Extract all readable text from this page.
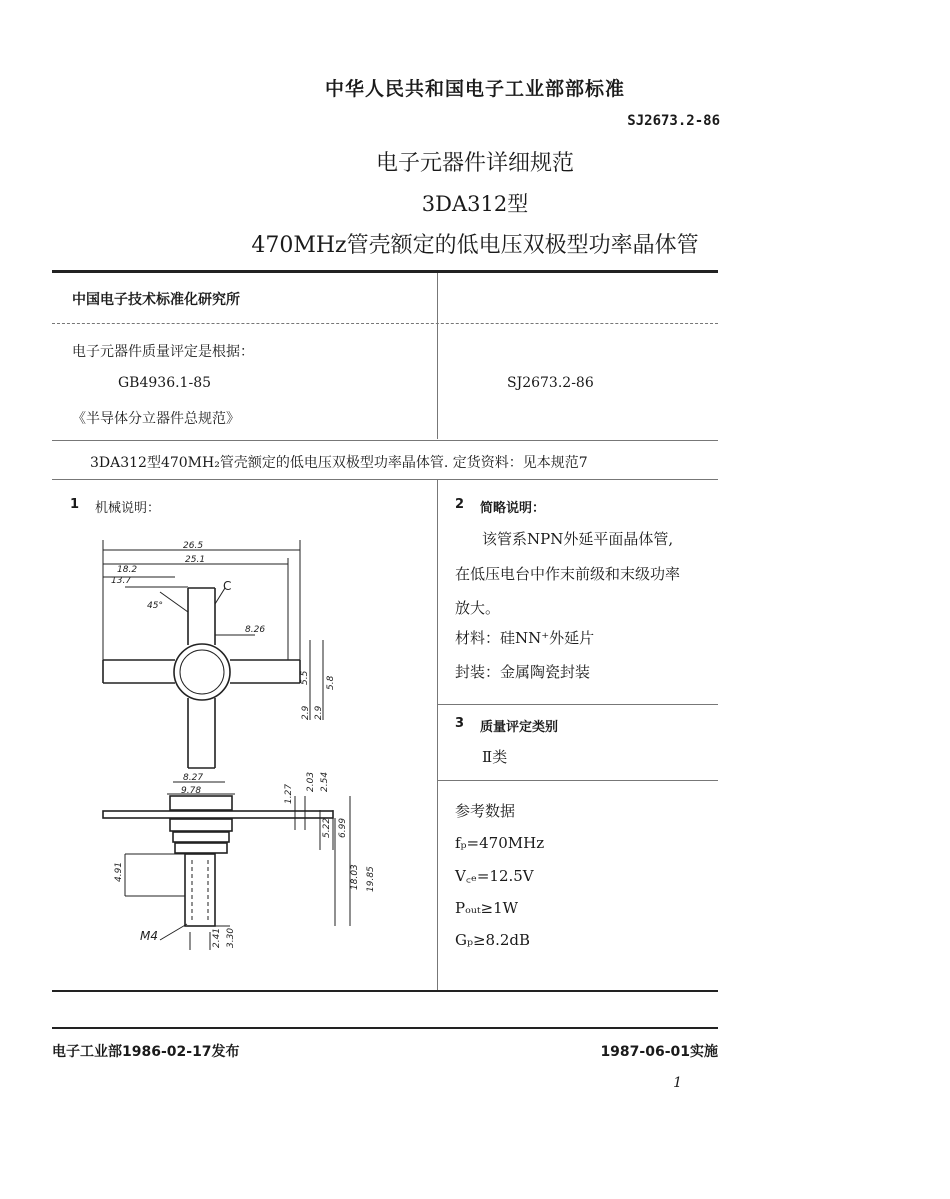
中华人民共和国电子工业部部标准
SJ2673.2-86
电子元器件详细规范
3DA312型
470MHz管壳额定的低电压双极型功率晶体管
中国电子技术标准化研究所
电子元器件质量评定是根据：
GB4936.1-85
《半导体分立器件总规范》
SJ2673.2-86
3DA312型470MH₂管壳额定的低电压双极型功率晶体管. 定货资料：见本规范7
1 机械说明：
26.5
25.1
18.2
13.7
45°
C
8.26
5.5 5.8
2.9 2.9
8.27
9.78	1.27
2.03 2.54
5.22 6.99
4.91	18.03 19.85
M4	2.41 3.30
2 简略说明：
该管系NPN外延平面晶体管,
在低压电台中作末前级和末级功率
放大。
材料：硅NN⁺外延片
封装：金属陶瓷封装
3 质量评定类别
Ⅱ类
参考数据
fₚ=470MHz
V꜀ₑ=12.5V
Pₒᵤₜ≥1W
Gₚ≥8.2dB
电子工业部1986-02-17发布	1987-06-01实施
1
